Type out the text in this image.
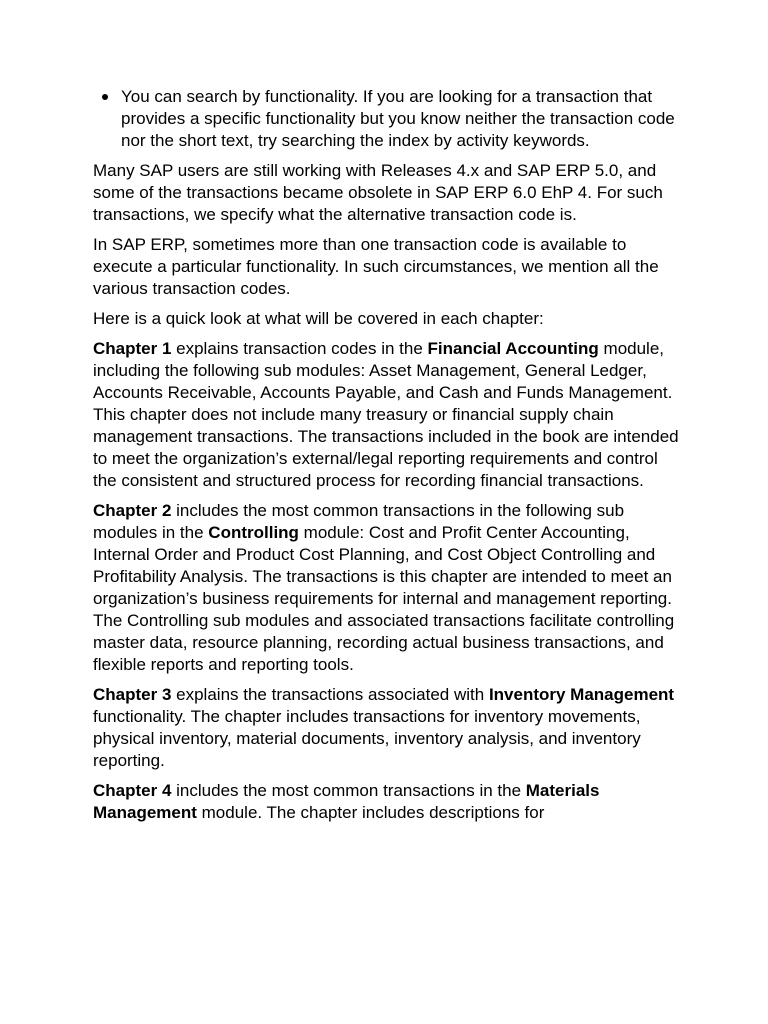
You can search by functionality. If you are looking for a transaction that provides a specific functionality but you know neither the transaction code nor the short text, try searching the index by activity keywords.

Many SAP users are still working with Releases 4.x and SAP ERP 5.0, and some of the transactions became obsolete in SAP ERP 6.0 EhP 4. For such transactions, we specify what the alternative transaction code is.

In SAP ERP, sometimes more than one transaction code is available to execute a particular functionality. In such circumstances, we mention all the various transaction codes.

Here is a quick look at what will be covered in each chapter:

Chapter 1 explains transaction codes in the Financial Accounting module, including the following sub modules: Asset Management, General Ledger, Accounts Receivable, Accounts Payable, and Cash and Funds Management. This chapter does not include many treasury or financial supply chain management transactions. The transactions included in the book are intended to meet the organization’s external/legal reporting requirements and control the consistent and structured process for recording financial transactions.

Chapter 2 includes the most common transactions in the following sub modules in the Controlling module: Cost and Profit Center Accounting, Internal Order and Product Cost Planning, and Cost Object Controlling and Profitability Analysis. The transactions is this chapter are intended to meet an organization’s business requirements for internal and management reporting. The Controlling sub modules and associated transactions facilitate controlling master data, resource planning, recording actual business transactions, and flexible reports and reporting tools.

Chapter 3 explains the transactions associated with Inventory Management functionality. The chapter includes transactions for inventory movements, physical inventory, material documents, inventory analysis, and inventory reporting.

Chapter 4 includes the most common transactions in the Materials Management module. The chapter includes descriptions for
